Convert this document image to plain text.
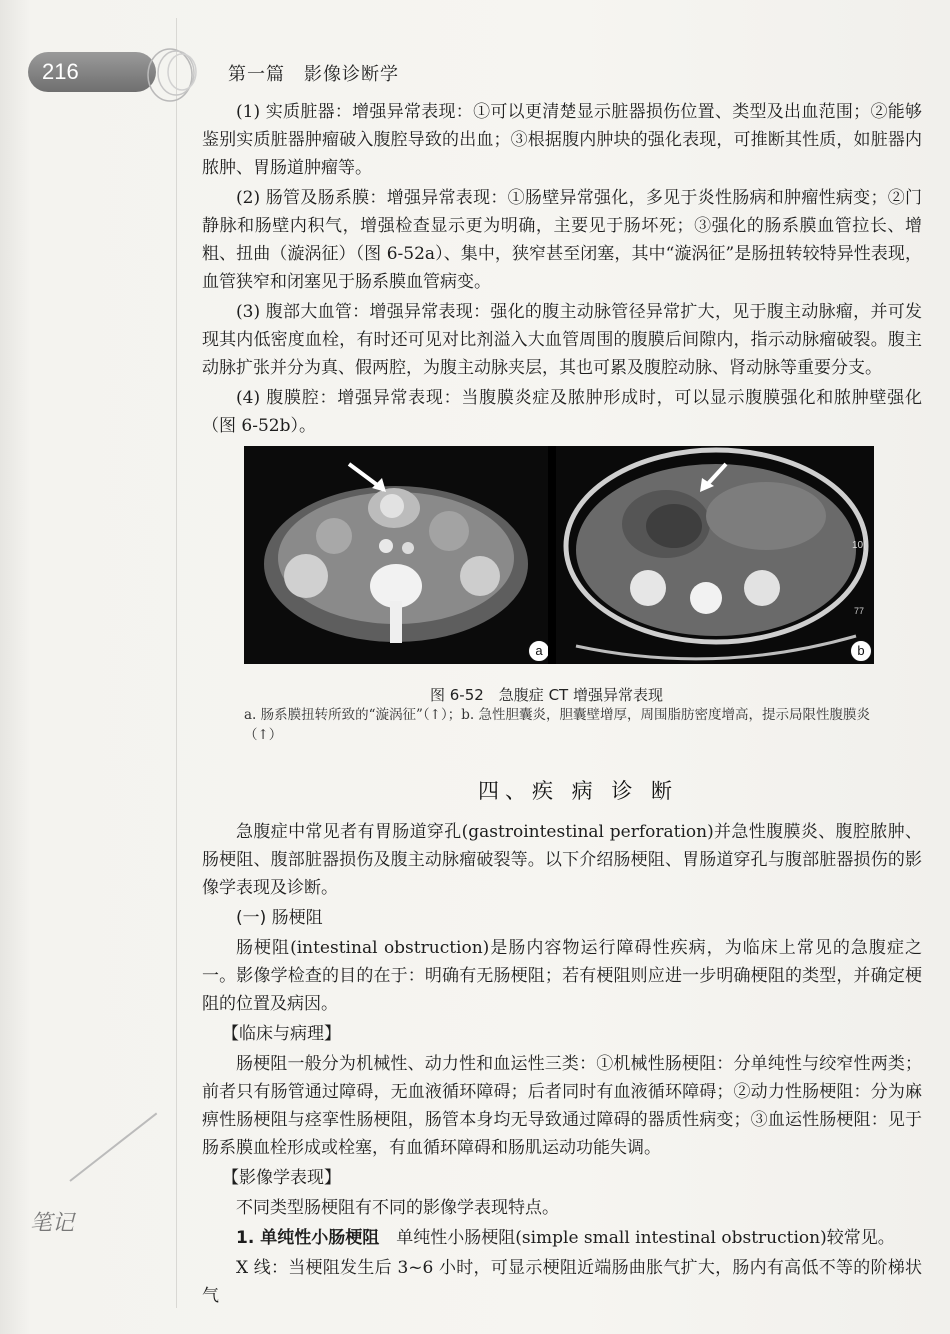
216	第一篇　影像诊断学

(1) 实质脏器：增强异常表现：①可以更清楚显示脏器损伤位置、类型及出血范围；②能够鉴别实质脏器肿瘤破入腹腔导致的出血；③根据腹内肿块的强化表现，可推断其性质，如脏器内脓肿、胃肠道肿瘤等。

(2) 肠管及肠系膜：增强异常表现：①肠壁异常强化，多见于炎性肠病和肿瘤性病变；②门静脉和肠壁内积气，增强检查显示更为明确，主要见于肠坏死；③强化的肠系膜血管拉长、增粗、扭曲（漩涡征）（图 6-52a）、集中，狭窄甚至闭塞，其中“漩涡征”是肠扭转较特异性表现，血管狭窄和闭塞见于肠系膜血管病变。

(3) 腹部大血管：增强异常表现：强化的腹主动脉管径异常扩大，见于腹主动脉瘤，并可发现其内低密度血栓，有时还可见对比剂溢入大血管周围的腹膜后间隙内，指示动脉瘤破裂。腹主动脉扩张并分为真、假两腔，为腹主动脉夹层，其也可累及腹腔动脉、肾动脉等重要分支。

(4) 腹膜腔：增强异常表现：当腹膜炎症及脓肿形成时，可以显示腹膜强化和脓肿壁强化（图 6-52b）。

a
10(
77
b
图 6-52　急腹症 CT 增强异常表现
a. 肠系膜扭转所致的“漩涡征”（↑）；b. 急性胆囊炎，胆囊壁增厚，周围脂肪密度增高，提示局限性腹膜炎（↑）
四、疾 病 诊 断

急腹症中常见者有胃肠道穿孔(gastrointestinal perforation)并急性腹膜炎、腹腔脓肿、肠梗阻、腹部脏器损伤及腹主动脉瘤破裂等。以下介绍肠梗阻、胃肠道穿孔与腹部脏器损伤的影像学表现及诊断。

(一) 肠梗阻

肠梗阻(intestinal obstruction)是肠内容物运行障碍性疾病，为临床上常见的急腹症之一。影像学检查的目的在于：明确有无肠梗阻；若有梗阻则应进一步明确梗阻的类型，并确定梗阻的位置及病因。

【临床与病理】

肠梗阻一般分为机械性、动力性和血运性三类：①机械性肠梗阻：分单纯性与绞窄性两类；前者只有肠管通过障碍，无血液循环障碍；后者同时有血液循环障碍；②动力性肠梗阻：分为麻痹性肠梗阻与痉挛性肠梗阻，肠管本身均无导致通过障碍的器质性病变；③血运性肠梗阻：见于肠系膜血栓形成或栓塞，有血循环障碍和肠肌运动功能失调。

【影像学表现】

不同类型肠梗阻有不同的影像学表现特点。

1. 单纯性小肠梗阻　 单纯性小肠梗阻(simple small intestinal obstruction)较常见。

X 线：当梗阻发生后 3~6 小时，可显示梗阻近端肠曲胀气扩大，肠内有高低不等的阶梯状气

笔记
